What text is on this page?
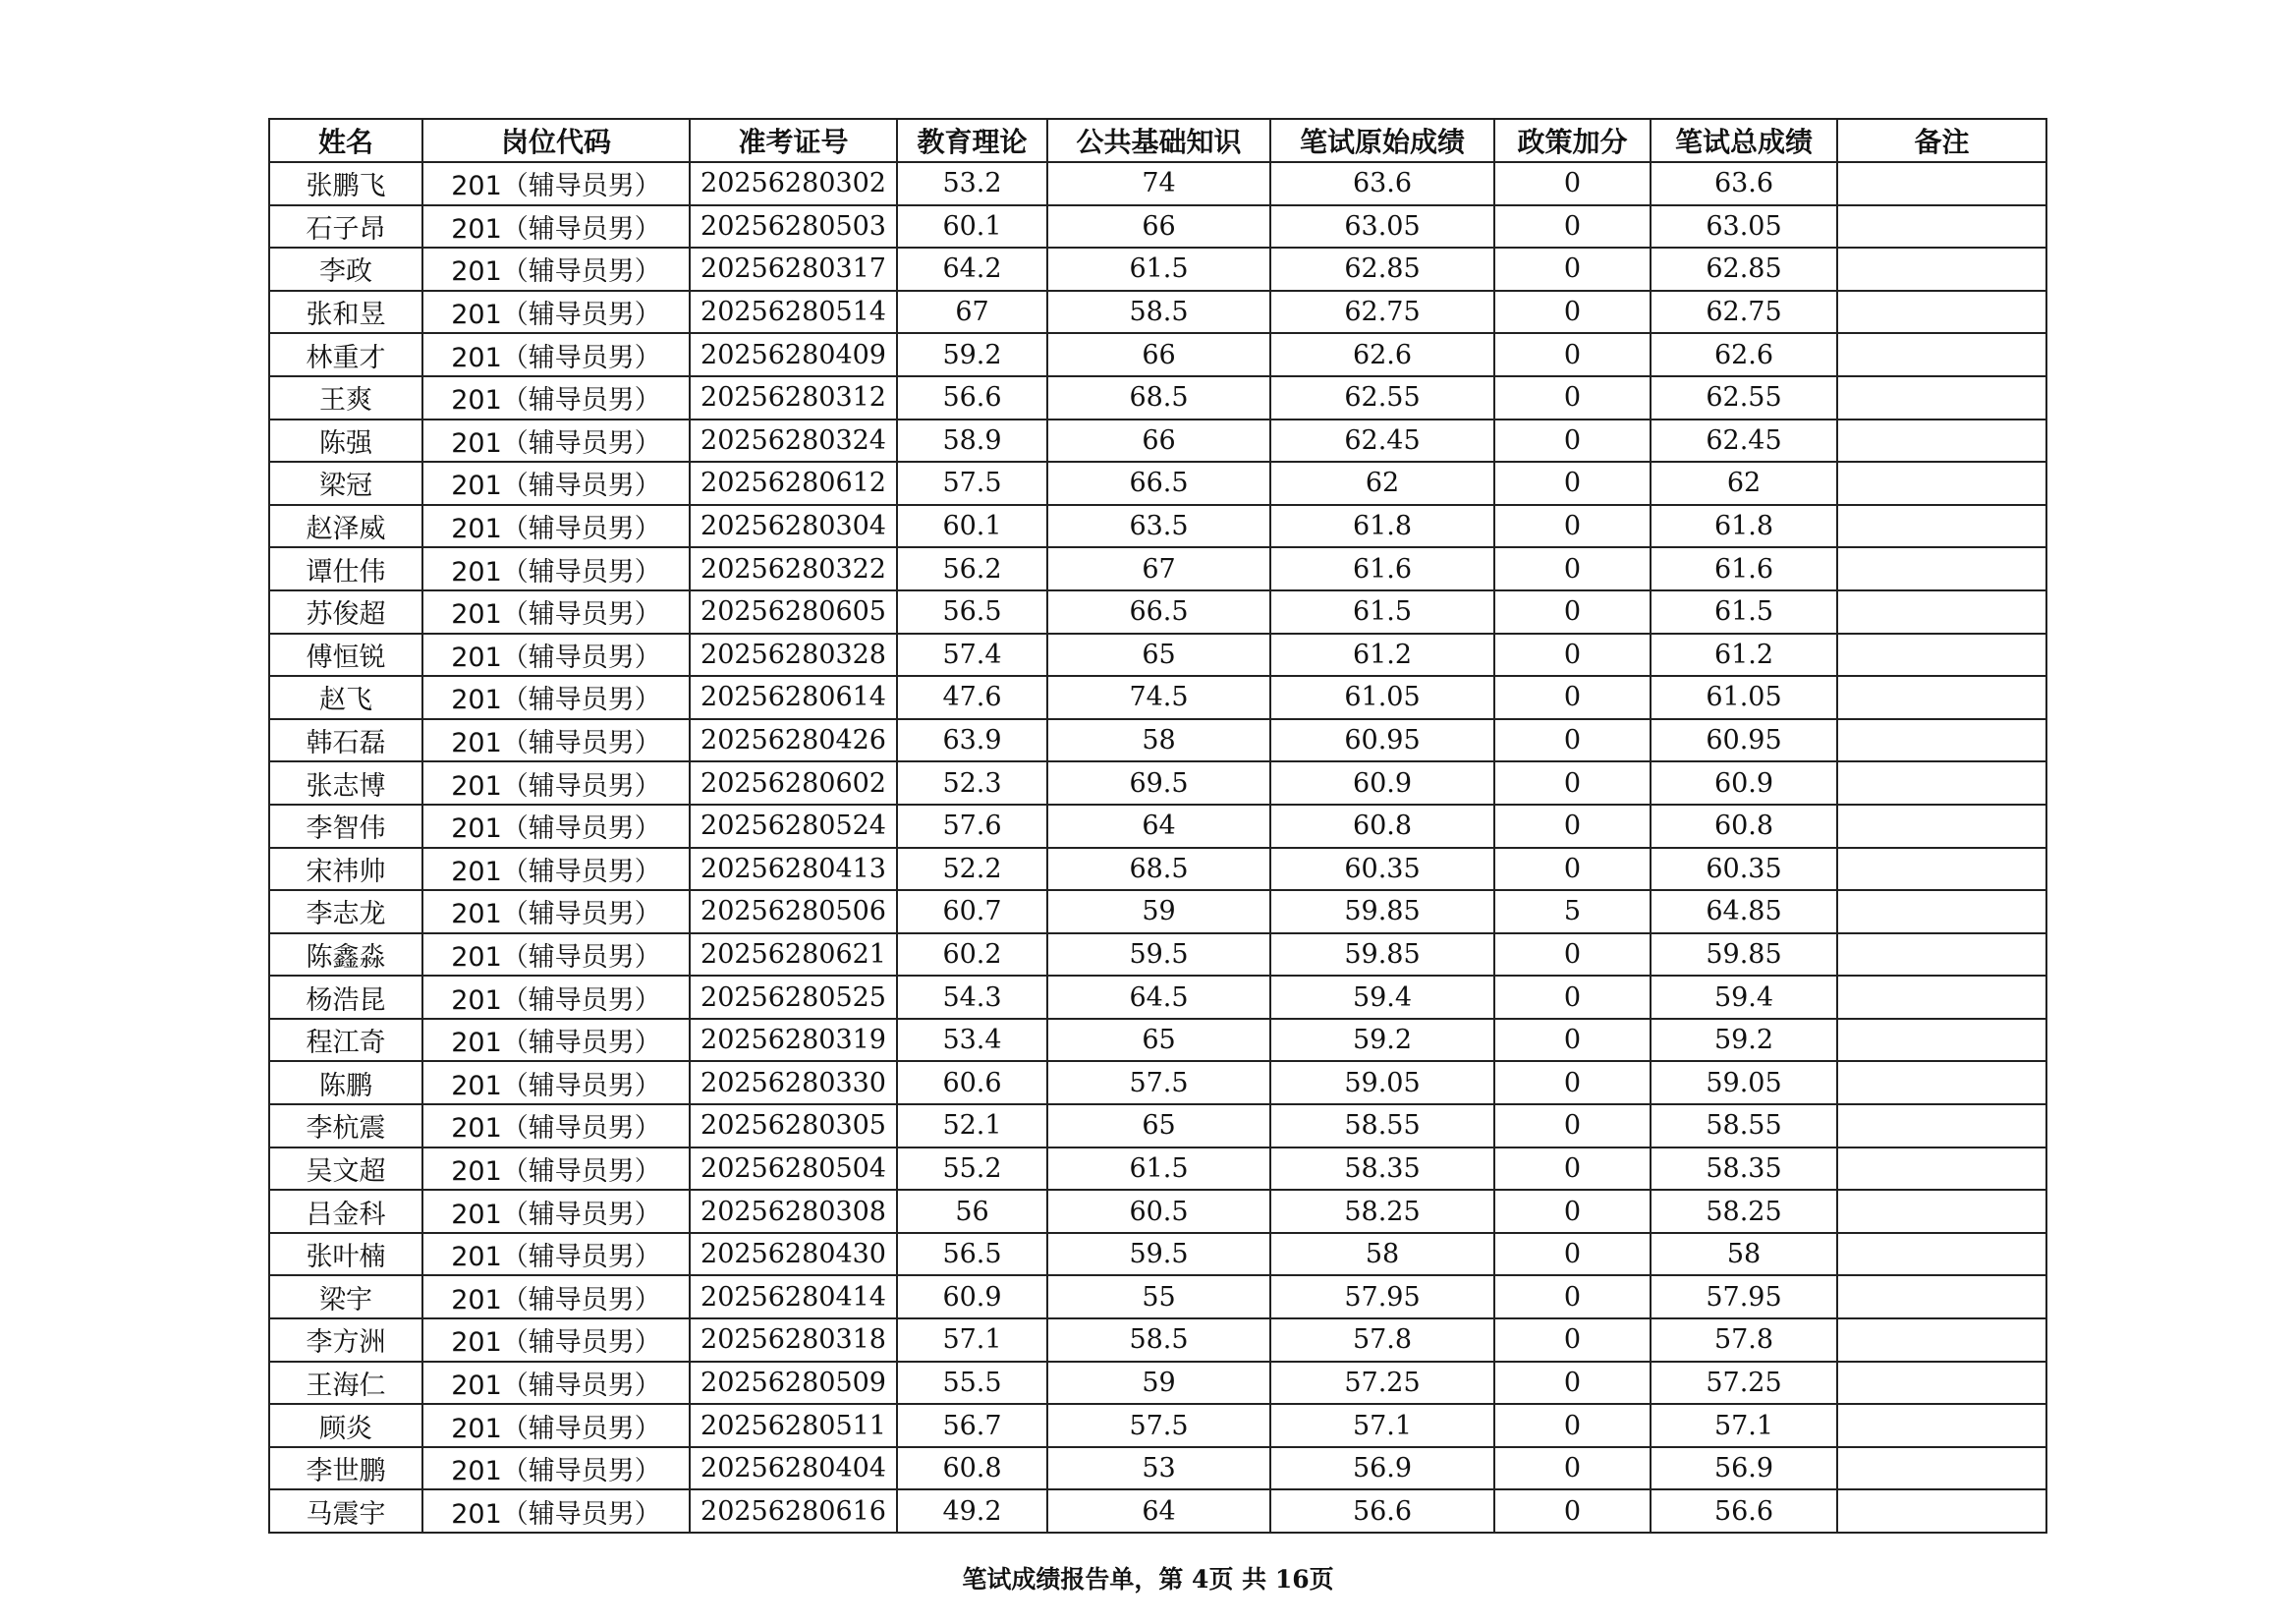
姓名	岗位代码	准考证号	教育理论	公共基础知识	笔试原始成绩	政策加分	笔试总成绩	备注
张鹏飞	201（辅导员男）	20256280302	53.2	74	63.6	0	63.6	
石子昂	201（辅导员男）	20256280503	60.1	66	63.05	0	63.05	
李政	201（辅导员男）	20256280317	64.2	61.5	62.85	0	62.85	
张和昱	201（辅导员男）	20256280514	67	58.5	62.75	0	62.75	
林重才	201（辅导员男）	20256280409	59.2	66	62.6	0	62.6	
王爽	201（辅导员男）	20256280312	56.6	68.5	62.55	0	62.55	
陈强	201（辅导员男）	20256280324	58.9	66	62.45	0	62.45	
梁冠	201（辅导员男）	20256280612	57.5	66.5	62	0	62	
赵泽威	201（辅导员男）	20256280304	60.1	63.5	61.8	0	61.8	
谭仕伟	201（辅导员男）	20256280322	56.2	67	61.6	0	61.6	
苏俊超	201（辅导员男）	20256280605	56.5	66.5	61.5	0	61.5	
傅恒锐	201（辅导员男）	20256280328	57.4	65	61.2	0	61.2	
赵飞	201（辅导员男）	20256280614	47.6	74.5	61.05	0	61.05	
韩石磊	201（辅导员男）	20256280426	63.9	58	60.95	0	60.95	
张志博	201（辅导员男）	20256280602	52.3	69.5	60.9	0	60.9	
李智伟	201（辅导员男）	20256280524	57.6	64	60.8	0	60.8	
宋祎帅	201（辅导员男）	20256280413	52.2	68.5	60.35	0	60.35	
李志龙	201（辅导员男）	20256280506	60.7	59	59.85	5	64.85	
陈鑫淼	201（辅导员男）	20256280621	60.2	59.5	59.85	0	59.85	
杨浩昆	201（辅导员男）	20256280525	54.3	64.5	59.4	0	59.4	
程江奇	201（辅导员男）	20256280319	53.4	65	59.2	0	59.2	
陈鹏	201（辅导员男）	20256280330	60.6	57.5	59.05	0	59.05	
李杭震	201（辅导员男）	20256280305	52.1	65	58.55	0	58.55	
吴文超	201（辅导员男）	20256280504	55.2	61.5	58.35	0	58.35	
吕金科	201（辅导员男）	20256280308	56	60.5	58.25	0	58.25	
张叶楠	201（辅导员男）	20256280430	56.5	59.5	58	0	58	
梁宇	201（辅导员男）	20256280414	60.9	55	57.95	0	57.95	
李方洲	201（辅导员男）	20256280318	57.1	58.5	57.8	0	57.8	
王海仁	201（辅导员男）	20256280509	55.5	59	57.25	0	57.25	
顾炎	201（辅导员男）	20256280511	56.7	57.5	57.1	0	57.1	
李世鹏	201（辅导员男）	20256280404	60.8	53	56.9	0	56.9	
马震宇	201（辅导员男）	20256280616	49.2	64	56.6	0	56.6	
笔试成绩报告单，第 4页 共 16页
